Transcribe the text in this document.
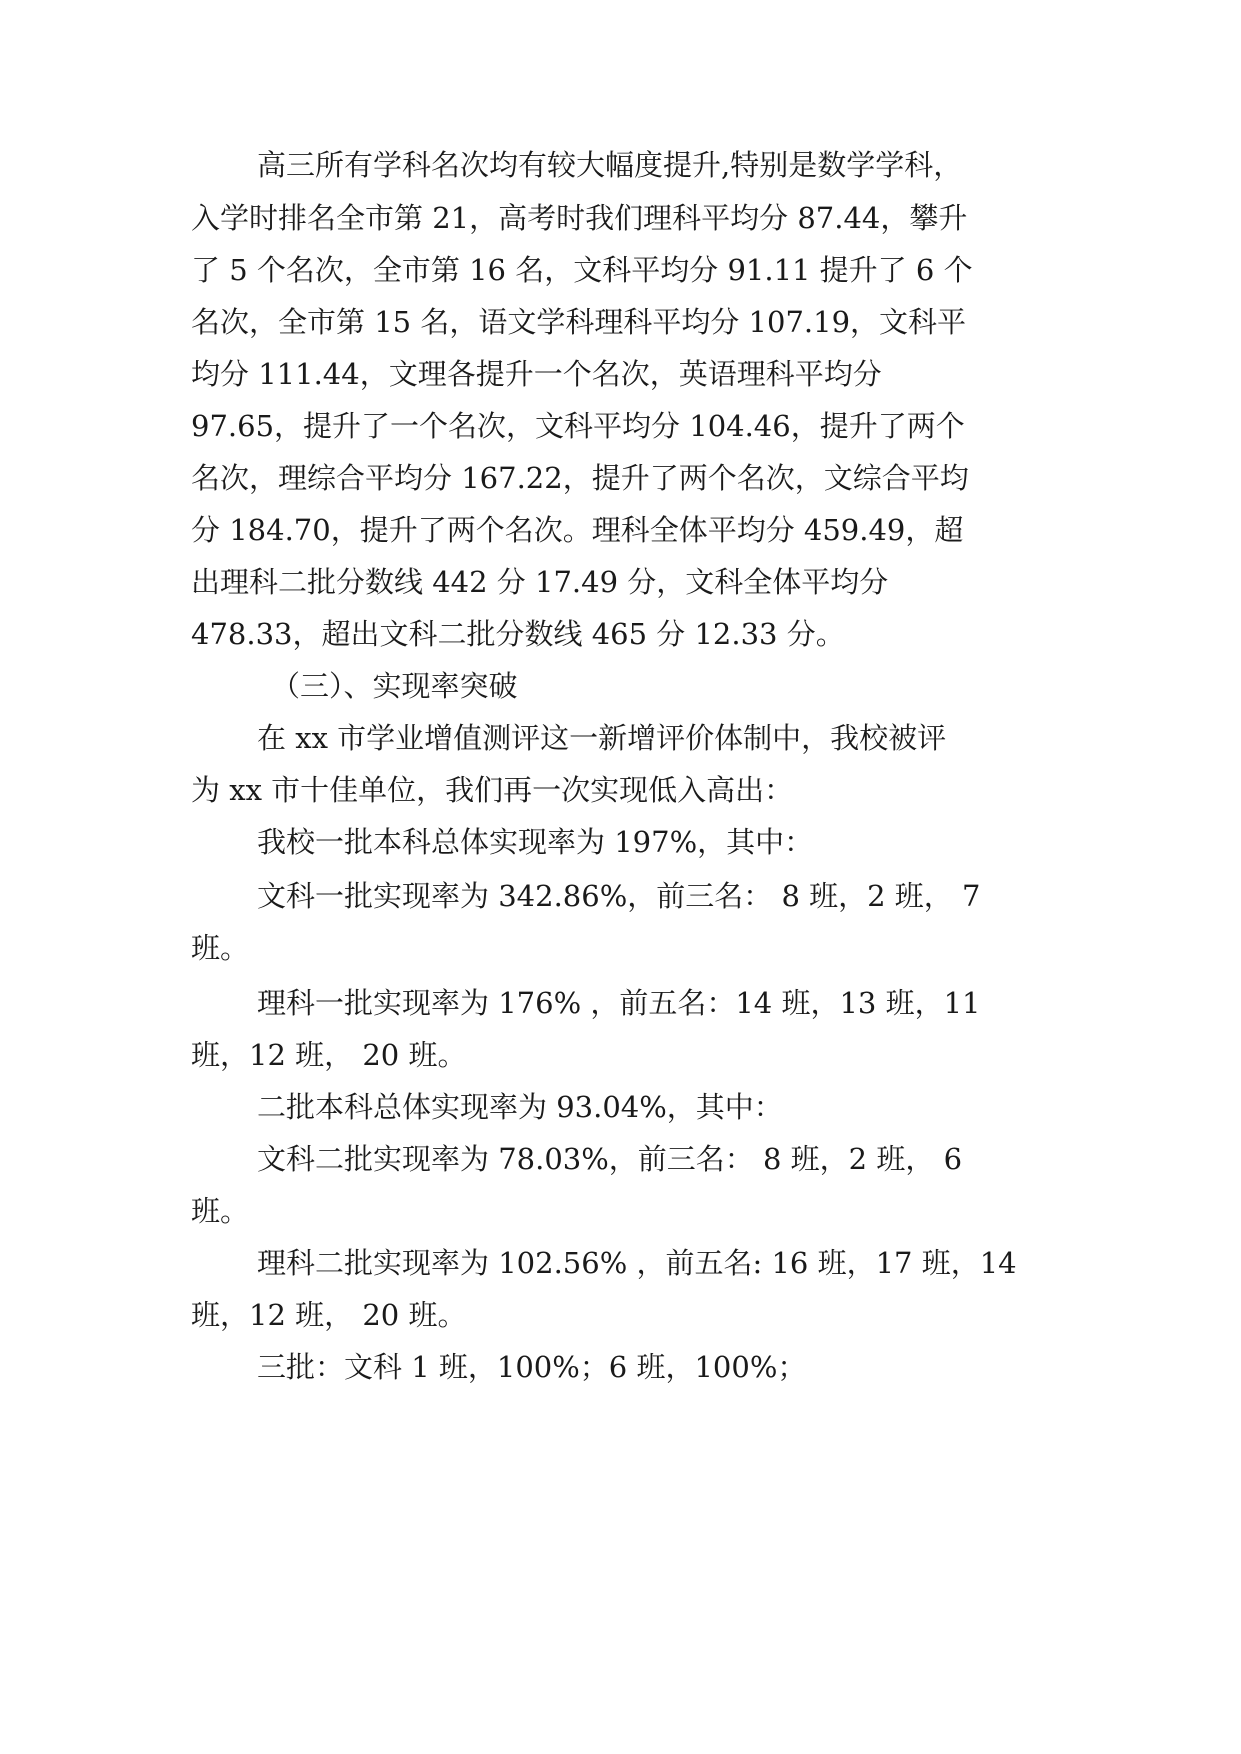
高三所有学科名次均有较大幅度提升,特别是数学学科，
入学时排名全市第 21，高考时我们理科平均分 87.44，攀升
了 5 个名次，全市第 16 名，文科平均分 91.11 提升了 6 个
名次，全市第 15 名，语文学科理科平均分 107.19，文科平
均分 111.44，文理各提升一个名次，英语理科平均分
97.65，提升了一个名次，文科平均分 104.46，提升了两个
名次，理综合平均分 167.22，提升了两个名次，文综合平均
分 184.70，提升了两个名次。理科全体平均分 459.49，超
出理科二批分数线 442 分 17.49 分，文科全体平均分
478.33，超出文科二批分数线 465 分 12.33 分。
（三）、实现率突破
在 xx 市学业增值测评这一新增评价体制中，我校被评
为 xx 市十佳单位，我们再一次实现低入高出：
我校一批本科总体实现率为 197%，其中：
文科一批实现率为 342.86%，前三名： 8 班，2 班， 7
班。
理科一批实现率为 176% ，前五名：14 班，13 班，11
班，12 班， 20 班。
二批本科总体实现率为 93.04%，其中：
文科二批实现率为 78.03%，前三名： 8 班，2 班， 6
班。
理科二批实现率为 102.56% ，前五名: 16 班，17 班，14
班，12 班， 20 班。
三批：文科 1 班，100%；6 班，100%；
